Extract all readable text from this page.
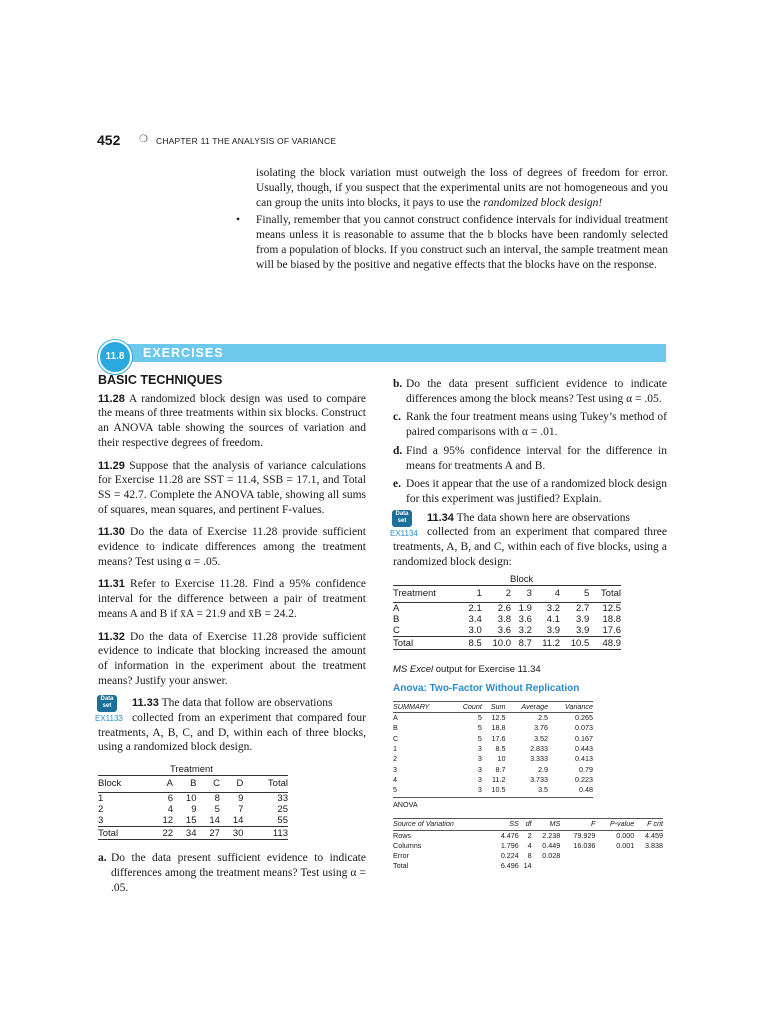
452 ❍ CHAPTER 11 THE ANALYSIS OF VARIANCE

isolating the block variation must outweigh the loss of degrees of freedom for error. Usually, though, if you suspect that the experimental units are not homogeneous and you can group the units into blocks, it pays to use the randomized block design!

• Finally, remember that you cannot construct confidence intervals for individual treatment means unless it is reasonable to assume that the b blocks have been randomly selected from a population of blocks. If you construct such an interval, the sample treatment mean will be biased by the positive and negative effects that the blocks have on the response.

11.8	EXERCISES
BASIC TECHNIQUES

11.28 A randomized block design was used to compare the means of three treatments within six blocks. Construct an ANOVA table showing the sources of variation and their respective degrees of freedom.

11.29 Suppose that the analysis of variance calculations for Exercise 11.28 are SST = 11.4, SSB = 17.1, and Total SS = 42.7. Complete the ANOVA table, showing all sums of squares, mean squares, and pertinent F-values.

11.30 Do the data of Exercise 11.28 provide sufficient evidence to indicate differences among the treatment means? Test using α = .05.

11.31 Refer to Exercise 11.28. Find a 95% confidence interval for the difference between a pair of treatment means A and B if x̄A = 21.9 and x̄B = 24.2.

11.32 Do the data of Exercise 11.28 provide sufficient evidence to indicate that blocking increased the amount of information in the experiment about the treatment means? Justify your answer.

Data set
EX1133

11.33 The data that follow are observations

collected from an experiment that compared four treatments, A, B, C, and D, within each of three blocks, using a randomized block design.

Treatment
Block	A	B	C	D	Total
1	6	10	8	9	33
2	4	9	5	7	25
3	12	15	14	14	55
Total	22	34	27	30	113
a. Do the data present sufficient evidence to indicate differences among the treatment means? Test using α = .05.

b. Do the data present sufficient evidence to indicate differences among the block means? Test using α = .05.

c. Rank the four treatment means using Tukey’s method of paired comparisons with α = .01.

d. Find a 95% confidence interval for the difference in means for treatments A and B.

e. Does it appear that the use of a randomized block design for this experiment was justified? Explain.

Data set
EX1134

11.34 The data shown here are observations

collected from an experiment that compared three treatments, A, B, and C, within each of five blocks, using a randomized block design:

Block
Treatment	1	2	3	4	5	Total
A	2.1	2.6	1.9	3.2	2.7	12.5
B	3.4	3.8	3.6	4.1	3.9	18.8
C	3.0	3.6	3.2	3.9	3.9	17.6
Total	8.5	10.0	8.7	11.2	10.5	48.9
MS Excel output for Exercise 11.34
Anova: Two-Factor Without Replication
SUMMARY	Count	Sum	Average	Variance
A	5	12.5	2.5	0.265
B	5	18.8	3.76	0.073
C	5	17.6	3.52	0.167
1	3	8.5	2.833	0.443
2	3	10	3.333	0.413
3	3	8.7	2.9	0.79
4	3	11.2	3.733	0.223
5	3	10.5	3.5	0.48
ANOVA
Source of Variation	SS	df	MS	F	P-value	F crit
Rows	4.476	2	2.238	79.929	0.000	4.459
Columns	1.796	4	0.449	16.036	0.001	3.838
Error	0.224	8	0.028			
Total	6.496	14				
